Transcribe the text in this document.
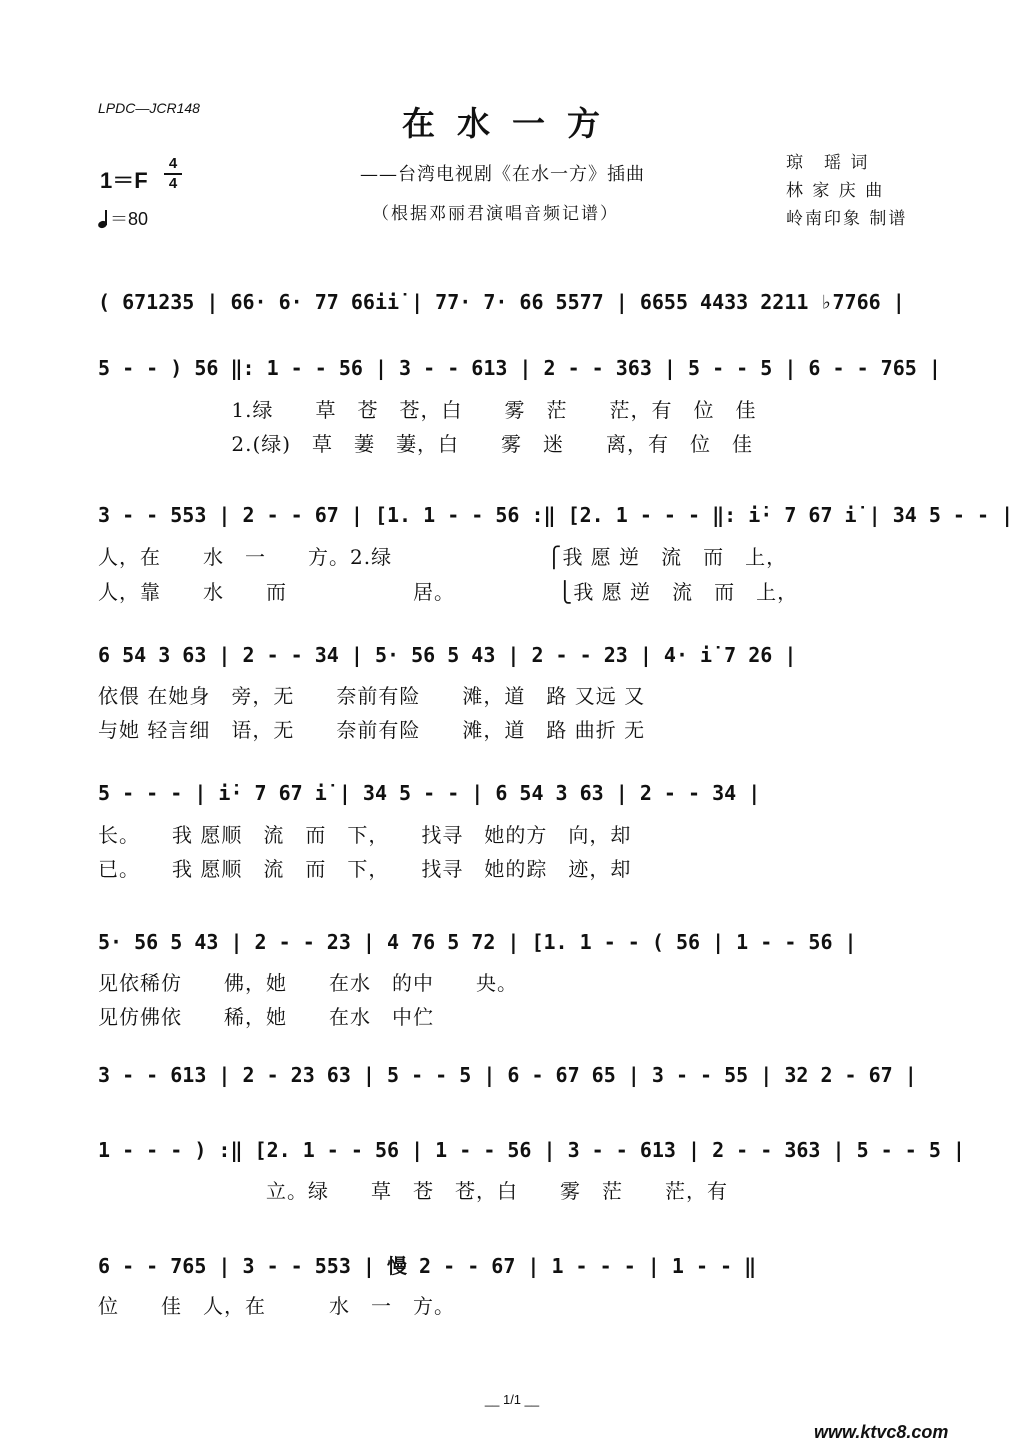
LPDC—JCR148	在水一方
——台湾电视剧《在水一方》插曲
（根据邓丽君演唱音频记谱）
琼　瑶 词
林 家 庆 曲
岭南印象 制谱
1＝F
4
4
＝80
( 671235 | 66· 6· 77 66i̇i̇ | 77· 7· 66 5577 | 6655 4433 2211 ♭7766 |
5 - - ) 56 ‖: 1 - - 56 | 3 - - 613 | 2 - - 363 | 5 - - 5 | 6 - - 765 |
　　　　　　 1.绿　　草　苍　苍，白　　雾　茫　　茫，有　位　佳
　　　　　　 2.(绿)　草　萋　萋，白　　雾　迷　　离，有　位　佳
3 - - 553 | 2 - - 67 | [1. 1 - - 56 :‖ [2. 1 - - - ‖: i̇· 7 67 i̇ | 34 5 - - |
人，在　　水　一　　方。2.绿　　　　　　　 ⎧我 愿 逆　流　而　上，
人，靠　　水　　而　　　　　　居。　　　　　 ⎩我 愿 逆　流　而　上，
6 54 3 63 | 2 - - 34 | 5· 56 5 43 | 2 - - 23 | 4· i̇ 7 26 |
依偎 在她身　旁，无　　奈前有险　　滩，道　路 又远 又
与她 轻言细　语，无　　奈前有险　　滩，道　路 曲折 无
5 - - - | i̇· 7 67 i̇ | 34 5 - - | 6 54 3 63 | 2 - - 34 |
长。　　我 愿顺　流　而　下，　　找寻　她的方　向，却
已。　　我 愿顺　流　而　下，　　找寻　她的踪　迹，却
5· 56 5 43 | 2 - - 23 | 4 76 5 72 | [1. 1 - - ( 56 | 1 - - 56 |
见依稀仿　　佛，她　　在水　的中　　央。
见仿佛依　　稀，她　　在水　中伫
3 - - 613 | 2 - 23 63 | 5 - - 5 | 6 - 67 65 | 3 - - 55 | 32 2 - 67 |
1 - - - ) :‖ [2. 1 - - 56 | 1 - - 56 | 3 - - 613 | 2 - - 363 | 5 - - 5 |
　　　　　　　　立。绿　　草　苍　苍，白　　雾　茫　　茫，有
6 - - 765 | 3 - - 553 | 慢 2 - - 67 | 1 - - - | 1 - - ‖
位　　佳　人，在　　　水　一　方。
__ 1/1 __
www.ktvc8.com
